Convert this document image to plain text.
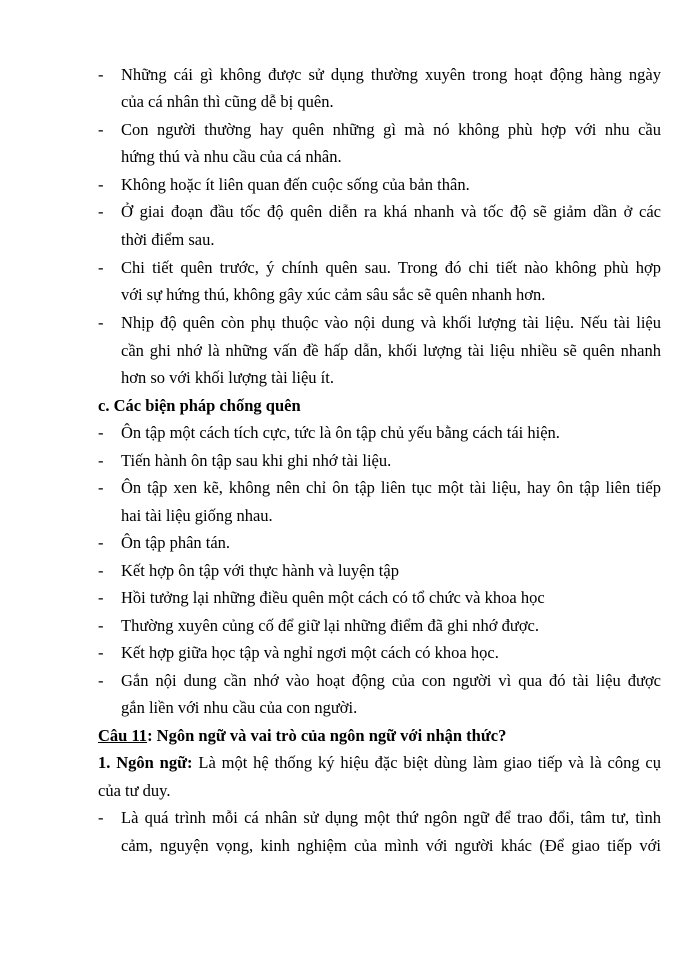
- Những cái gì không được sử dụng thường xuyên trong hoạt động hàng ngày
của cá nhân thì cũng dễ bị quên.
- Con người thường hay quên những gì mà nó không phù hợp với nhu cầu
hứng thú và nhu cầu của cá nhân.
- Không hoặc ít liên quan đến cuộc sống của bản thân.
- Ở giai đoạn đầu tốc độ quên diễn ra khá nhanh và tốc độ sẽ giảm dần ở các
thời điểm sau.
- Chi tiết quên trước, ý chính quên sau. Trong đó chi tiết nào không phù hợp
với sự hứng thú, không gây xúc cảm sâu sắc sẽ quên nhanh hơn.
- Nhịp độ quên còn phụ thuộc vào nội dung và khối lượng tài liệu. Nếu tài liệu
cần ghi nhớ là những vấn đề hấp dẫn, khối lượng tài liệu nhiều sẽ quên nhanh
hơn so với khối lượng tài liệu ít.
c. Các biện pháp chống quên
- Ôn tập một cách tích cực, tức là ôn tập chủ yếu bằng cách tái hiện.
- Tiến hành ôn tập sau khi ghi nhớ tài liệu.
- Ôn tập xen kẽ, không nên chỉ ôn tập liên tục một tài liệu, hay ôn tập liên tiếp
hai tài liệu giống nhau.
- Ôn tập phân tán.
- Kết hợp ôn tập với thực hành và luyện tập
- Hồi tưởng lại những điều quên một cách có tổ chức và khoa học
- Thường xuyên củng cố để giữ lại những điểm đã ghi nhớ được.
- Kết hợp giữa học tập và nghỉ ngơi một cách có khoa học.
- Gắn nội dung cần nhớ vào hoạt động của con người vì qua đó tài liệu được
gắn liền với nhu cầu của con người.
Câu 11: Ngôn ngữ và vai trò của ngôn ngữ với nhận thức?
1. Ngôn ngữ: Là một hệ thống ký hiệu đặc biệt dùng làm giao tiếp và là công cụ
của tư duy.
- Là quá trình mỗi cá nhân sử dụng một thứ ngôn ngữ để trao đổi, tâm tư, tình
cảm, nguyện vọng, kinh nghiệm của mình với người khác (Để giao tiếp với
